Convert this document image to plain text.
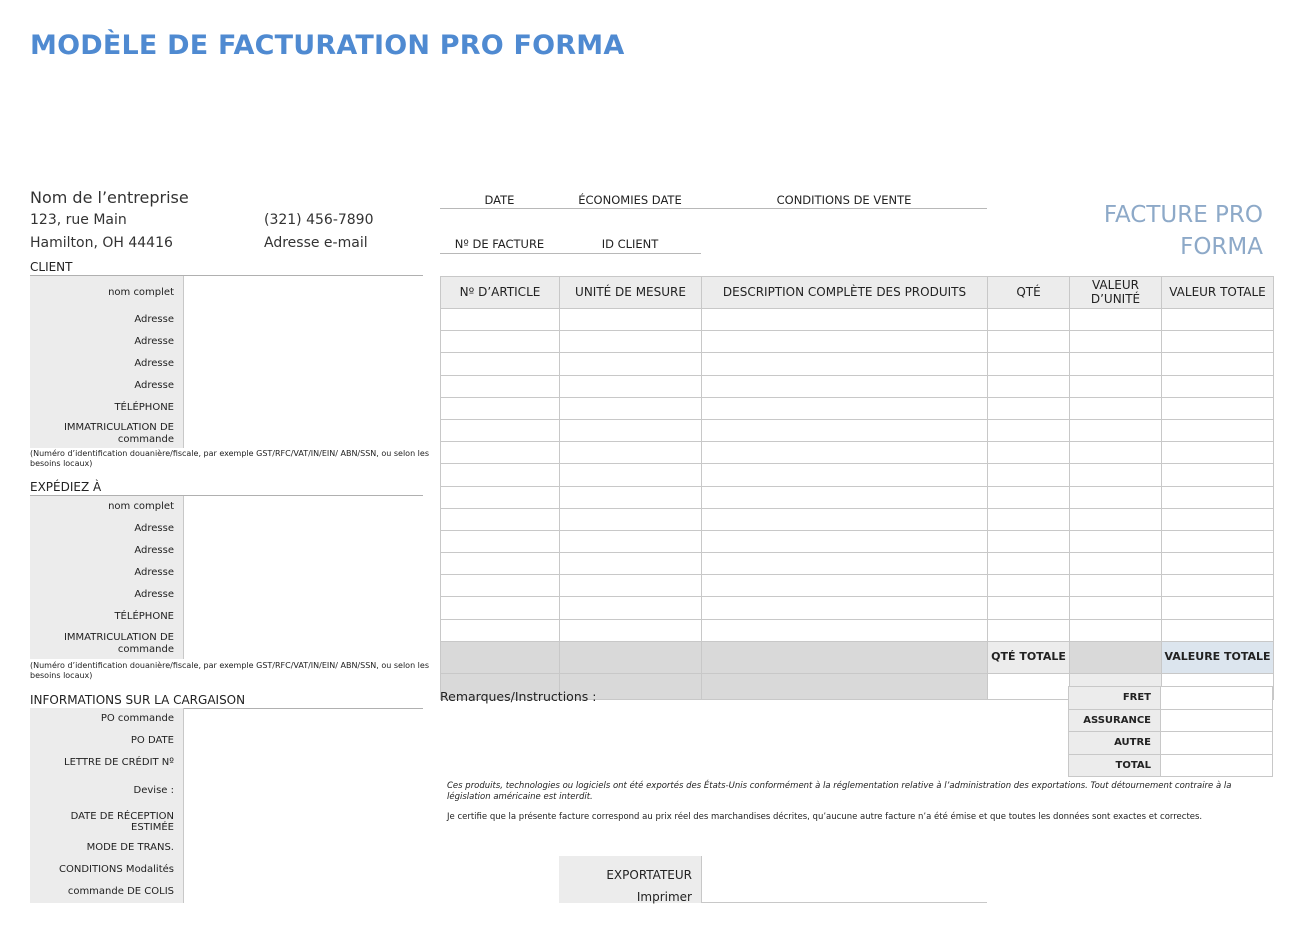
MODÈLE DE FACTURATION PRO FORMA
Nom de l’entreprise
123, rue Main
Hamilton, OH 44416
(321) 456-7890
Adresse e-mail
CLIENT
nom complet
Adresse
Adresse
Adresse
Adresse
TÉLÉPHONE
IMMATRICULATION DE commande
(Numéro d’identification douanière/fiscale, par exemple GST/RFC/VAT/IN/EIN/ ABN/SSN, ou selon les besoins locaux)
EXPÉDIEZ À
nom complet
Adresse
Adresse
Adresse
Adresse
TÉLÉPHONE
IMMATRICULATION DE commande
(Numéro d’identification douanière/fiscale, par exemple GST/RFC/VAT/IN/EIN/ ABN/SSN, ou selon les besoins locaux)
INFORMATIONS SUR LA CARGAISON
PO commande
PO DATE
LETTRE DE CRÉDIT Nº
Devise :
DATE DE RÉCEPTION ESTIMÉE
MODE DE TRANS.
CONDITIONS Modalités
commande DE COLIS
DATE	ÉCONOMIES DATE	CONDITIONS DE VENTE
Nº DE FACTURE	ID CLIENT
FACTURE PRO
FORMA
Nº D’ARTICLE	UNITÉ DE MESURE	DESCRIPTION COMPLÈTE DES PRODUITS	QTÉ	VALEUR D’UNITÉ	VALEUR TOTALE

			QTÉ TOTALE		VALEURE TOTALE

Remarques/Instructions :	FRET	
ASSURANCE	
AUTRE	
TOTAL	
Ces produits, technologies ou logiciels ont été exportés des États-Unis conformément à la réglementation relative à l’administration des exportations. Tout détournement contraire à la législation américaine est interdit.
Je certifie que la présente facture correspond au prix réel des marchandises décrites, qu’aucune autre facture n’a été émise et que toutes les données sont exactes et correctes.
EXPORTATEUR
Imprimer
